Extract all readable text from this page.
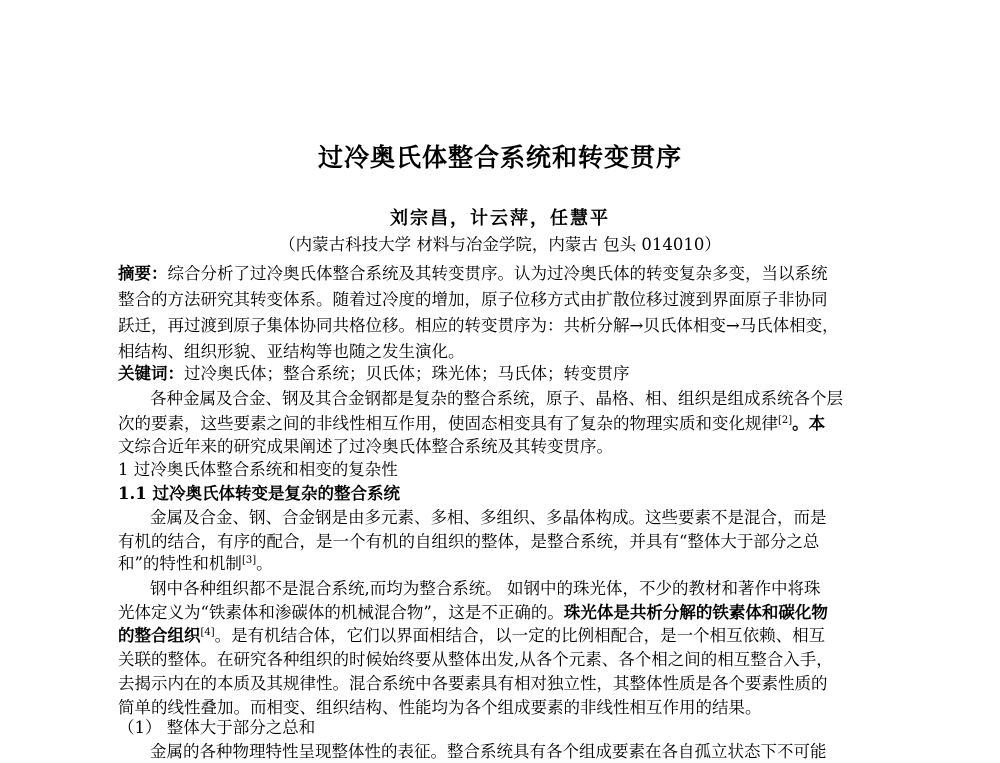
过冷奥氏体整合系统和转变贯序
刘宗昌，计云萍，任慧平
（内蒙古科技大学 材料与冶金学院，内蒙古 包头 014010）
摘要：综合分析了过冷奥氏体整合系统及其转变贯序。认为过冷奥氏体的转变复杂多变，当以系统
整合的方法研究其转变体系。随着过冷度的增加，原子位移方式由扩散位移过渡到界面原子非协同
跃迁，再过渡到原子集体协同共格位移。相应的转变贯序为：共析分解→贝氏体相变→马氏体相变，
相结构、组织形貌、亚结构等也随之发生演化。
关键词：过冷奥氏体；整合系统；贝氏体；珠光体；马氏体；转变贯序
各种金属及合金、钢及其合金钢都是复杂的整合系统，原子、晶格、相、组织是组成系统各个层
次的要素，这些要素之间的非线性相互作用，使固态相变具有了复杂的物理实质和变化规律[2]。本
文综合近年来的研究成果阐述了过冷奥氏体整合系统及其转变贯序。
1 过冷奥氏体整合系统和相变的复杂性
1.1 过冷奥氏体转变是复杂的整合系统
金属及合金、钢、合金钢是由多元素、多相、多组织、多晶体构成。这些要素不是混合，而是
有机的结合，有序的配合，是一个有机的自组织的整体，是整合系统，并具有“整体大于部分之总
和”的特性和机制[3]。
钢中各种组织都不是混合系统,而均为整合系统。 如钢中的珠光体，不少的教材和著作中将珠
光体定义为“铁素体和渗碳体的机械混合物”，这是不正确的。珠光体是共析分解的铁素体和碳化物
的整合组织[4]。是有机结合体，它们以界面相结合，以一定的比例相配合，是一个相互依赖、相互
关联的整体。在研究各种组织的时候始终要从整体出发,从各个元素、各个相之间的相互整合入手，
去揭示内在的本质及其规律性。混合系统中各要素具有相对独立性，其整体性质是各个要素性质的
简单的线性叠加。而相变、组织结构、性能均为各个组成要素的非线性相互作用的结果。
（1） 整体大于部分之总和
金属的各种物理特性呈现整体性的表征。整合系统具有各个组成要素在各自孤立状态下不可能
